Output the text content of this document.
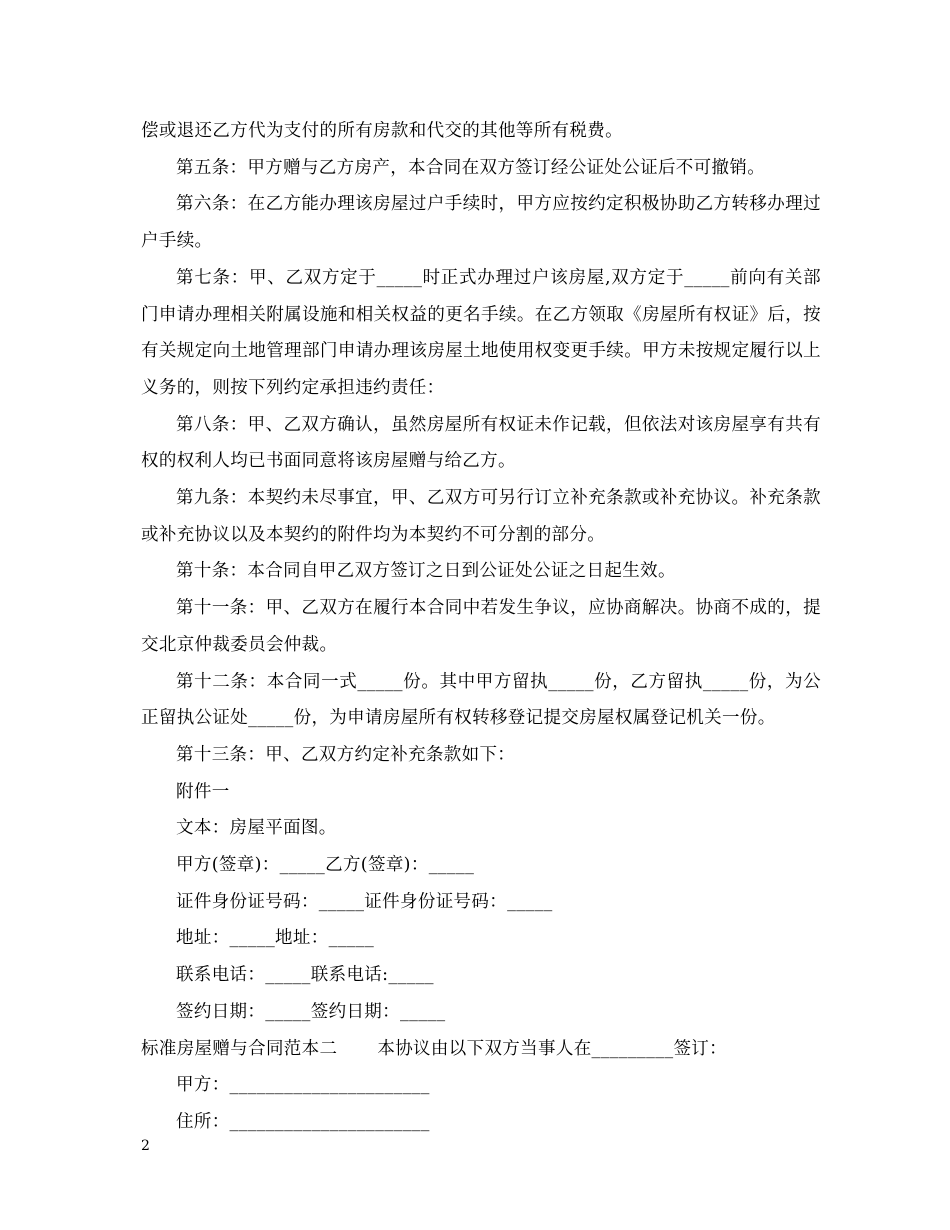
偿或退还乙方代为支付的所有房款和代交的其他等所有税费。

第五条：甲方赠与乙方房产，本合同在双方签订经公证处公证后不可撤销。

第六条：在乙方能办理该房屋过户手续时，甲方应按约定积极协助乙方转移办理过户手续。

第七条：甲、乙双方定于_____时正式办理过户该房屋,双方定于_____前向有关部门申请办理相关附属设施和相关权益的更名手续。在乙方领取《房屋所有权证》后，按有关规定向土地管理部门申请办理该房屋土地使用权变更手续。甲方未按规定履行以上义务的，则按下列约定承担违约责任：

第八条：甲、乙双方确认，虽然房屋所有权证未作记载，但依法对该房屋享有共有权的权利人均已书面同意将该房屋赠与给乙方。

第九条：本契约未尽事宜，甲、乙双方可另行订立补充条款或补充协议。补充条款或补充协议以及本契约的附件均为本契约不可分割的部分。

第十条：本合同自甲乙双方签订之日到公证处公证之日起生效。

第十一条：甲、乙双方在履行本合同中若发生争议，应协商解决。协商不成的，提交北京仲裁委员会仲裁。

第十二条：本合同一式_____份。其中甲方留执_____份，乙方留执_____份，为公正留执公证处_____份，为申请房屋所有权转移登记提交房屋权属登记机关一份。

第十三条：甲、乙双方约定补充条款如下：

附件一

文本：房屋平面图。

甲方(签章)：_____乙方(签章)：_____

证件身份证号码：_____证件身份证号码：_____

地址：_____地址：_____

联系电话：_____联系电话:_____

签约日期：_____签约日期：_____

标准房屋赠与合同范本二 本协议由以下双方当事人在_________签订：

甲方：______________________

住所：______________________

2
